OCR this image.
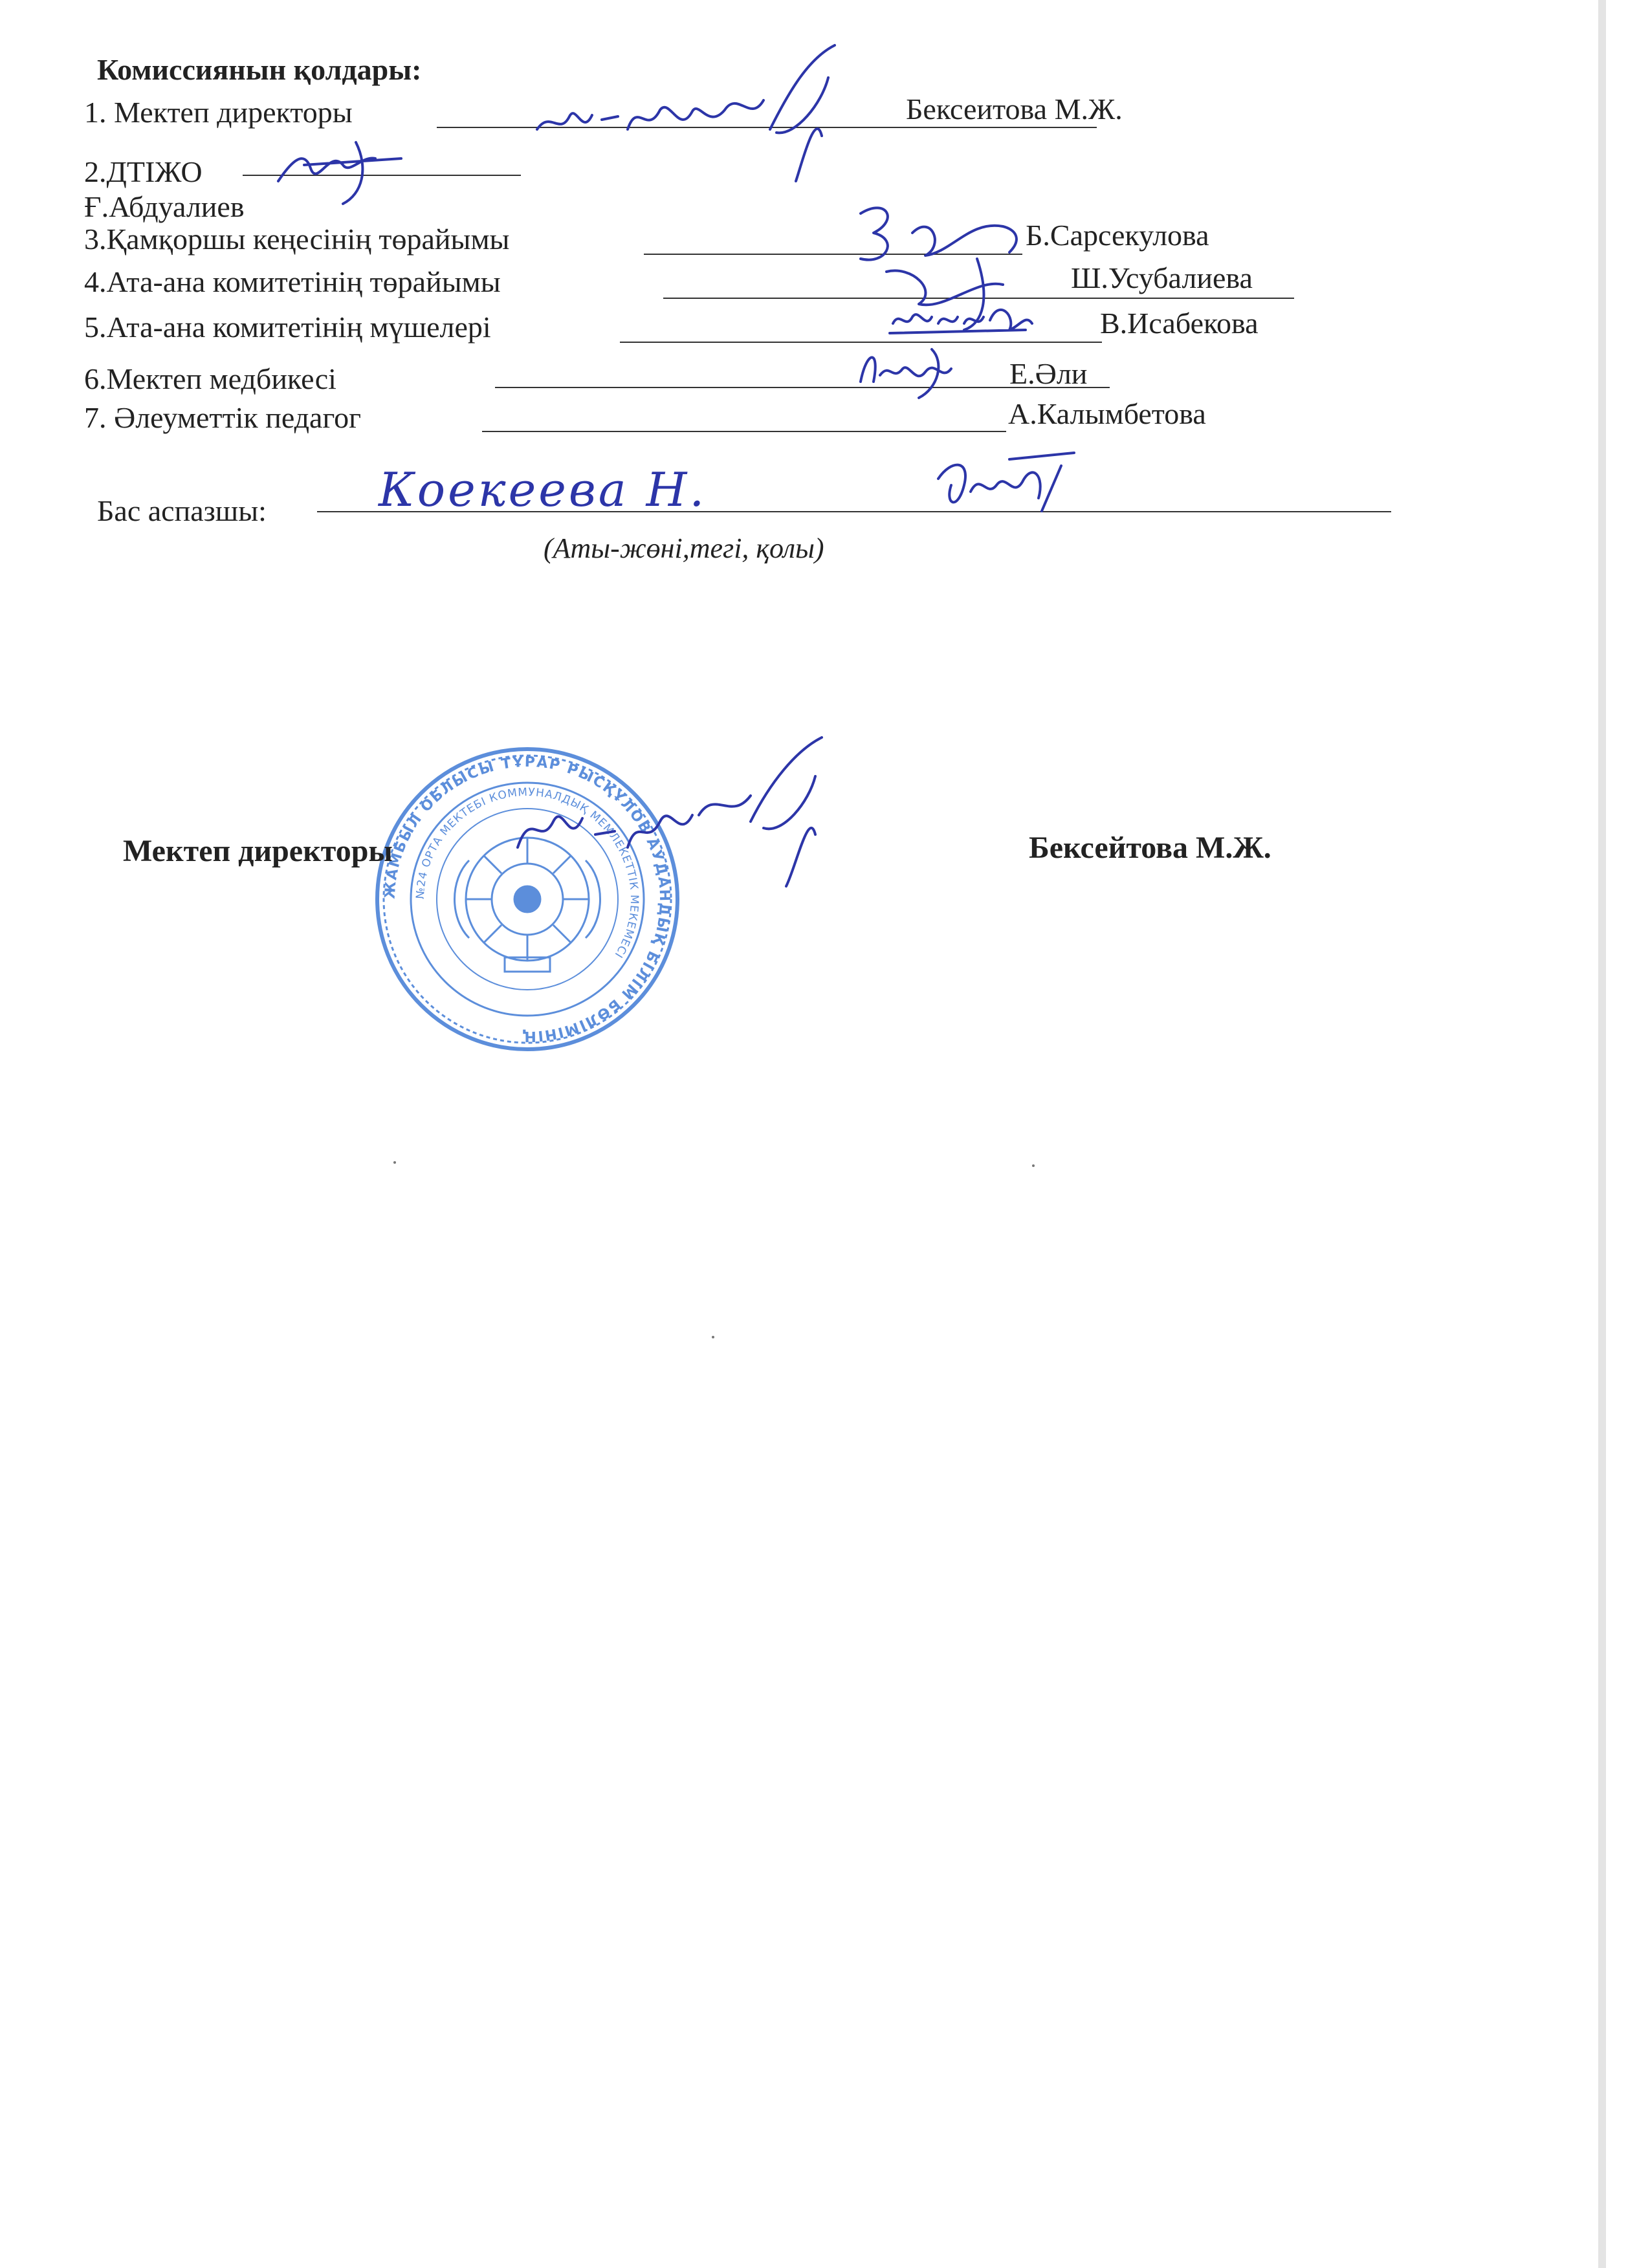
Комиссиянын қолдары:
1. Мектеп директоры	Бексеитова М.Ж.
2.ДТІЖО
Ғ.Абдуалиев
3.Қамқоршы кеңесінің төрайымы	Б.Сарсекулова
4.Ата-ана комитетінің төрайымы	Ш.Усубалиева
5.Ата-ана комитетінің мүшелері	В.Исабекова
6.Мектеп медбикесі	Е.Әли
7. Әлеуметтік педагог	А.Калымбетова
Бас аспазшы: Коекеева Н.
(Аты-жөні,тегі, қолы)
ЖАМБЫЛ ОБЛЫСЫ ТҰРАР РЫСҚҰЛОВ АУДАНДЫҚ БІЛІМ БӨЛІМІНІҢ
№24 ОРТА МЕКТЕБІ КОММУНАЛДЫҚ МЕМЛЕКЕТТІК МЕКЕМЕСІ
Мектеп директоры	Бексейтова М.Ж.
